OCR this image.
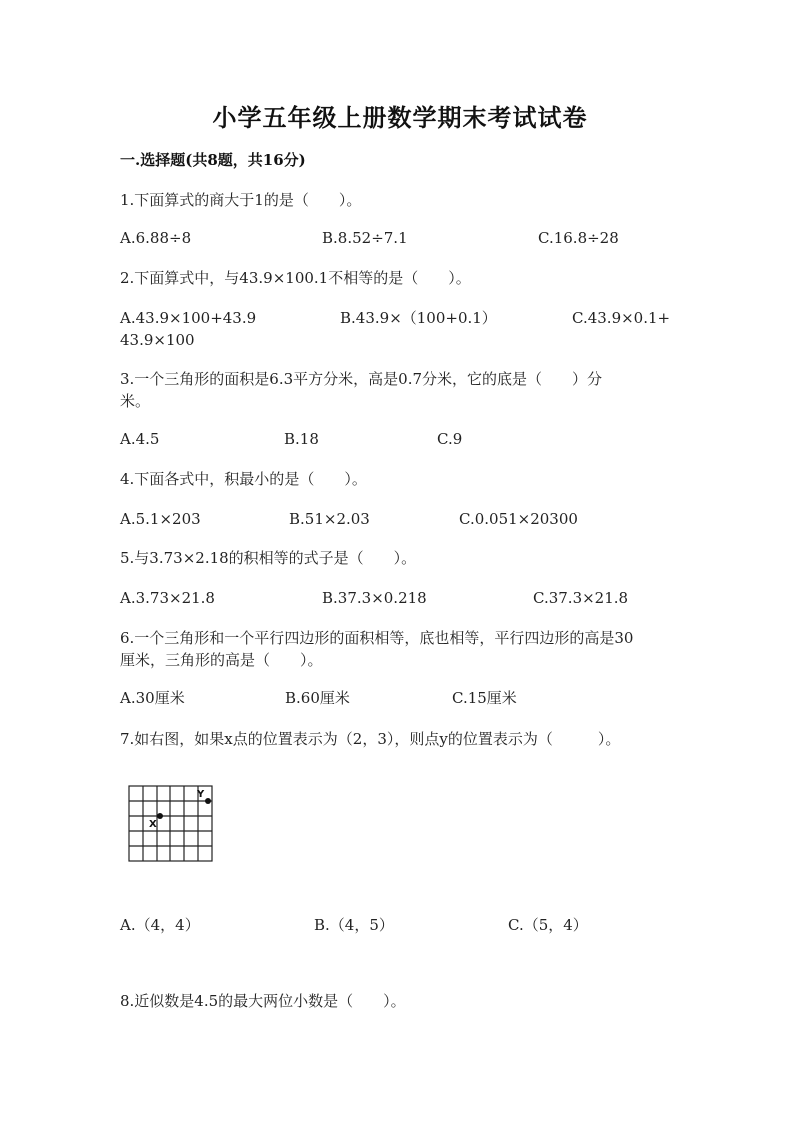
小学五年级上册数学期末考试试卷
一.选择题(共8题，共16分)
1.下面算式的商大于1的是（　　）。
A.6.88÷8	B.8.52÷7.1	C.16.8÷28
2.下面算式中，与43.9×100.1不相等的是（　　）。
A.43.9×100+43.9	B.43.9×（100+0.1）	C.43.9×0.1+
43.9×100
3.一个三角形的面积是6.3平方分米，高是0.7分米，它的底是（　　）分
米。
A.4.5	B.18	C.9
4.下面各式中，积最小的是（　　）。
A.5.1×203	B.51×2.03	C.0.051×20300
5.与3.73×2.18的积相等的式子是（　　）。
A.3.73×21.8	B.37.3×0.218	C.37.3×21.8
6.一个三角形和一个平行四边形的面积相等，底也相等，平行四边形的高是30
厘米，三角形的高是（　　）。
A.30厘米	B.60厘米	C.15厘米
7.如右图，如果x点的位置表示为（2，3），则点y的位置表示为（　　　）。
X
Y
A.（4，4）	B.（4，5）	C.（5，4）
8.近似数是4.5的最大两位小数是（　　）。
